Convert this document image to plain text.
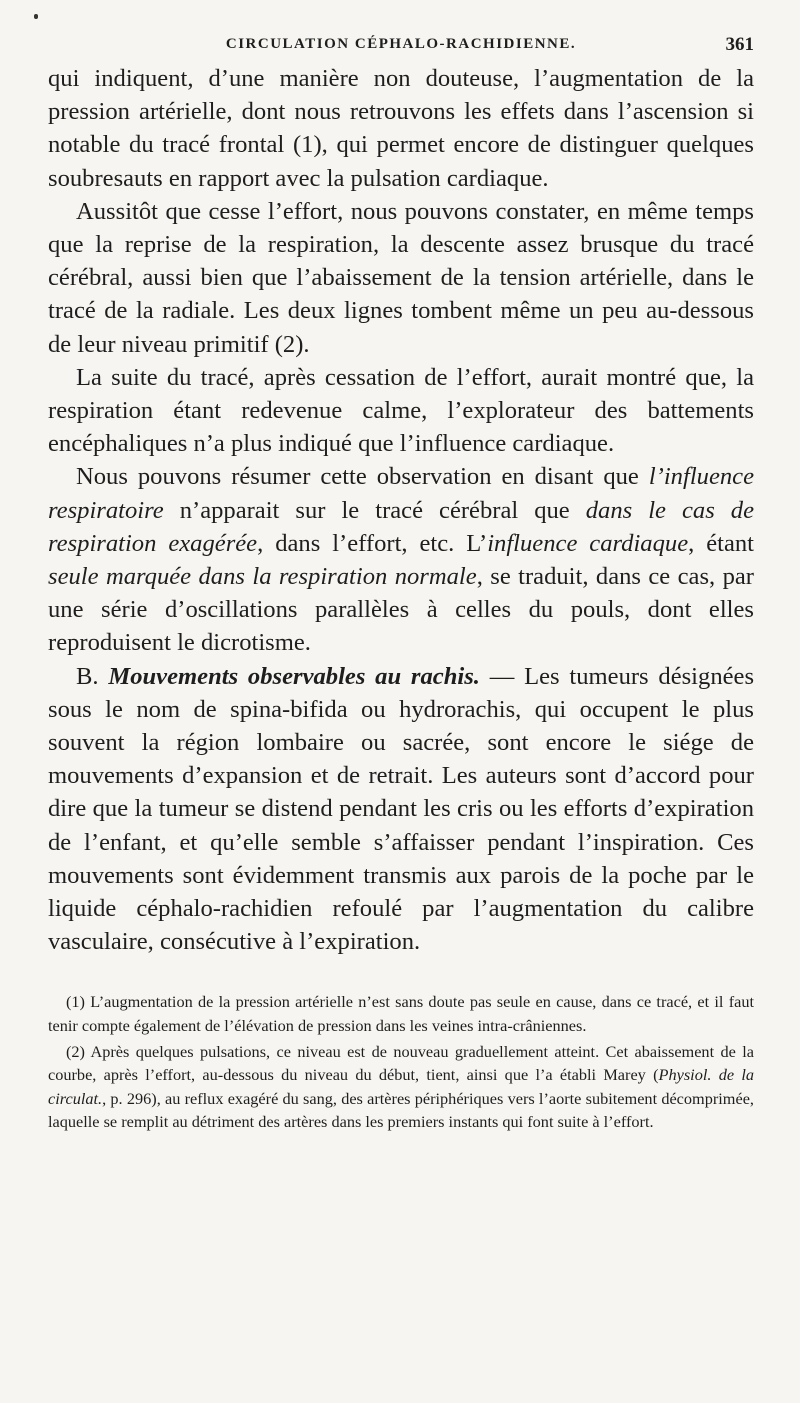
CIRCULATION CÉPHALO-RACHIDIENNE.	361

qui indiquent, d’une manière non douteuse, l’augmentation de la pression artérielle, dont nous retrouvons les effets dans l’ascension si notable du tracé frontal (1), qui permet encore de distinguer quelques soubresauts en rapport avec la pulsation cardiaque.

Aussitôt que cesse l’effort, nous pouvons constater, en même temps que la reprise de la respiration, la descente assez brusque du tracé cérébral, aussi bien que l’abaissement de la tension artérielle, dans le tracé de la radiale. Les deux lignes tombent même un peu au-dessous de leur niveau primitif (2).

La suite du tracé, après cessation de l’effort, aurait montré que, la respiration étant redevenue calme, l’explorateur des battements encéphaliques n’a plus indiqué que l’influence cardiaque.

Nous pouvons résumer cette observation en disant que l’influence respiratoire n’apparait sur le tracé cérébral que dans le cas de respiration exagérée, dans l’effort, etc. L’influence cardiaque, étant seule marquée dans la respiration normale, se traduit, dans ce cas, par une série d’oscillations parallèles à celles du pouls, dont elles reproduisent le dicrotisme.

B. Mouvements observables au rachis. — Les tumeurs désignées sous le nom de spina-bifida ou hydrorachis, qui occupent le plus souvent la région lombaire ou sacrée, sont encore le siége de mouvements d’expansion et de retrait. Les auteurs sont d’accord pour dire que la tumeur se distend pendant les cris ou les efforts d’expiration de l’enfant, et qu’elle semble s’affaisser pendant l’inspiration. Ces mouvements sont évidemment transmis aux parois de la poche par le liquide céphalo-rachidien refoulé par l’augmentation du calibre vasculaire, consécutive à l’expiration.

(1) L’augmentation de la pression artérielle n’est sans doute pas seule en cause, dans ce tracé, et il faut tenir compte également de l’élévation de pression dans les veines intra-crâniennes.

(2) Après quelques pulsations, ce niveau est de nouveau graduellement atteint. Cet abaissement de la courbe, après l’effort, au-dessous du niveau du début, tient, ainsi que l’a établi Marey (Physiol. de la circulat., p. 296), au reflux exagéré du sang, des artères périphériques vers l’aorte subitement décomprimée, laquelle se remplit au détriment des artères dans les premiers instants qui font suite à l’effort.
